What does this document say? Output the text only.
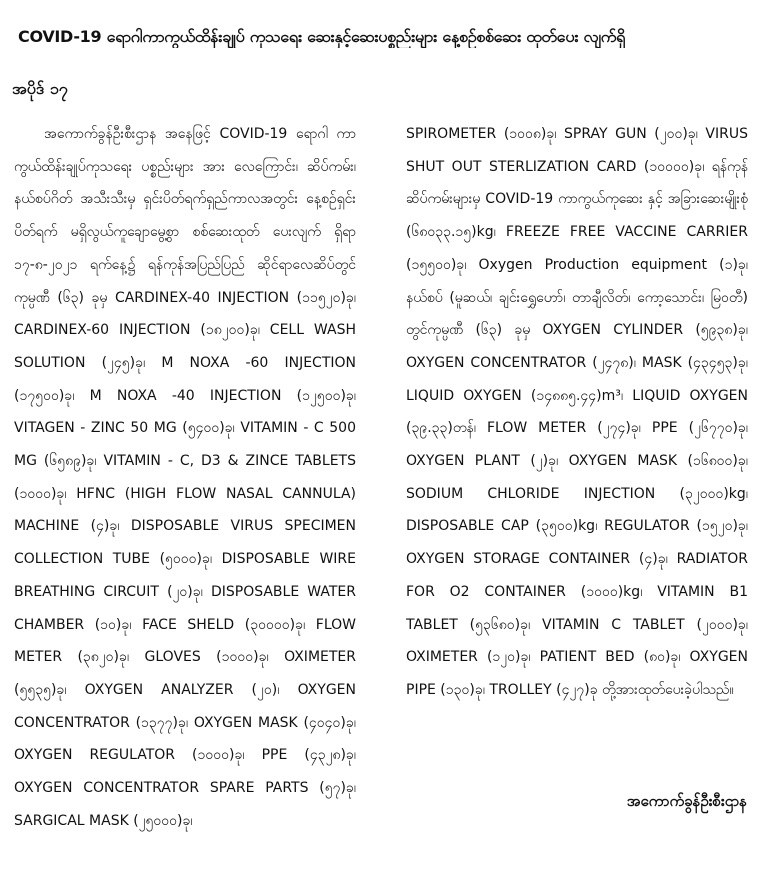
COVID-19 ရောဂါကာကွယ်ထိန်းချုပ် ကုသရေး ဆေးနှင့်ဆေးပစ္စည်းများ နေ့စဉ်စစ်ဆေး ထုတ်ပေး လျက်ရှိ
အပိုဒ် ၁၇

အကောက်ခွန်ဦးစီးဌာန အနေဖြင့် COVID-19 ရောဂါ ကာကွယ်ထိန်းချုပ်ကုသရေး ပစ္စည်းများ အား လေကြောင်း၊ ဆိပ်ကမ်း၊ နယ်စပ်ဂိတ် အသီးသီးမှ ရှင်းပိတ်ရက်ရှည်ကာလအတွင်း နေ့စဉ်ရှင်းပိတ်ရက် မရှိလွယ်ကူချောမွေ့စွာ စစ်ဆေးထုတ် ပေးလျက် ရှိရာ ၁၇-၈-၂၀၂၁ ရက်နေ့၌ ရန်ကုန်အပြည်ပြည် ဆိုင်ရာလေဆိပ်တွင် ကုမ္ပဏီ (၆၃) ခုမှ CARDINEX-40 INJECTION (၁၁၅၂၀)ခု၊ CARDINEX-60 INJECTION (၁၈၂၀၀)ခု၊ CELL WASH SOLUTION (၂၄၅)ခု၊ M NOXA -60 INJECTION (၁၇၅၀၀)ခု၊ M NOXA -40 INJECTION (၁၂၅၀၀)ခု၊ VITAGEN - ZINC 50 MG (၅၄၀၀)ခု၊ VITAMIN - C 500 MG (၆၅၈၉)ခု၊ VITAMIN - C, D3 & ZINCE TABLETS (၁၀၀၀)ခု၊ HFNC (HIGH FLOW NASAL CANNULA) MACHINE (၄)ခု၊ DISPOSABLE VIRUS SPECIMEN COLLECTION TUBE (၅၀၀၀)ခု၊ DISPOSABLE WIRE BREATHING CIRCUIT (၂၀)ခု၊ DISPOSABLE WATER CHAMBER (၁၀)ခု၊ FACE SHELD (၃၀၀၀၀)ခု၊ FLOW METER (၃၈၂၀)ခု၊ GLOVES (၁၀၀၀)ခု၊ OXIMETER (၅၅၃၅)ခု၊ OXYGEN ANALYZER (၂၀)၊ OXYGEN CONCENTRATOR (၁၃၇၇)ခု၊ OXYGEN MASK (၄၀၄၀)ခု၊ OXYGEN REGULATOR (၁၀၀၀)ခု၊ PPE (၄၃၂၈)ခု၊ OXYGEN CONCENTRATOR SPARE PARTS (၅၇)ခု၊ SARGICAL MASK (၂၅၀၀၀)ခု၊

SPIROMETER (၁၀၀၈)ခု၊ SPRAY GUN (၂၀၀)ခု၊ VIRUS SHUT OUT STERLIZATION CARD (၁၀၀၀၀)ခု၊ ရန်ကုန်ဆိပ်ကမ်းများမှ COVID-19 ကာကွယ်ကုဆေး နှင့် အခြားဆေးမျိုးစုံ (၆၈၀၃၃.၁၅)kg၊ FREEZE FREE VACCINE CARRIER (၁၅၅၀၀)ခု၊ Oxygen Production equipment (၁)ခု၊နယ်စပ် (မူဆယ်၊ ချင်းရွှေဟော်၊ တာချီလိတ်၊ ကော့သောင်း၊ မြဝတီ) တွင်ကုမ္ပဏီ (၆၃) ခုမှ OXYGEN CYLINDER (၅၉၃၈)ခု၊ OXYGEN CONCENTRATOR (၂၄၇၈)၊ MASK (၄၃၄၅၃)ခု၊ LIQUID OXYGEN (၁၄၈၈၅.၄၄)m³၊ LIQUID OXYGEN (၃၉.၃၃)တန်၊ FLOW METER (၂၇၄)ခု၊ PPE (၂၆၇၇၀)ခု၊ OXYGEN PLANT (၂)ခု၊ OXYGEN MASK (၁၆၈၀၀)ခု၊ SODIUM CHLORIDE INJECTION (၃၂၀၀၀)kg၊ DISPOSABLE CAP (၃၅၀၀)kg၊ REGULATOR (၁၅၂၀)ခု၊ OXYGEN STORAGE CONTAINER (၄)ခု၊ RADIATOR FOR O2 CONTAINER (၁၀၀၀)kg၊ VITAMIN B1 TABLET (၅၃၆၈၀)ခု၊ VITAMIN C TABLET (၂၀၀၀)ခု၊ OXIMETER (၁၂၀)ခု၊ PATIENT BED (၈၀)ခု၊ OXYGEN PIPE (၁၃၀)ခု၊ TROLLEY (၄၂၇)ခု တို့အားထုတ်ပေးခဲ့ပါသည်။

အကောက်ခွန်ဦးစီးဌာန
